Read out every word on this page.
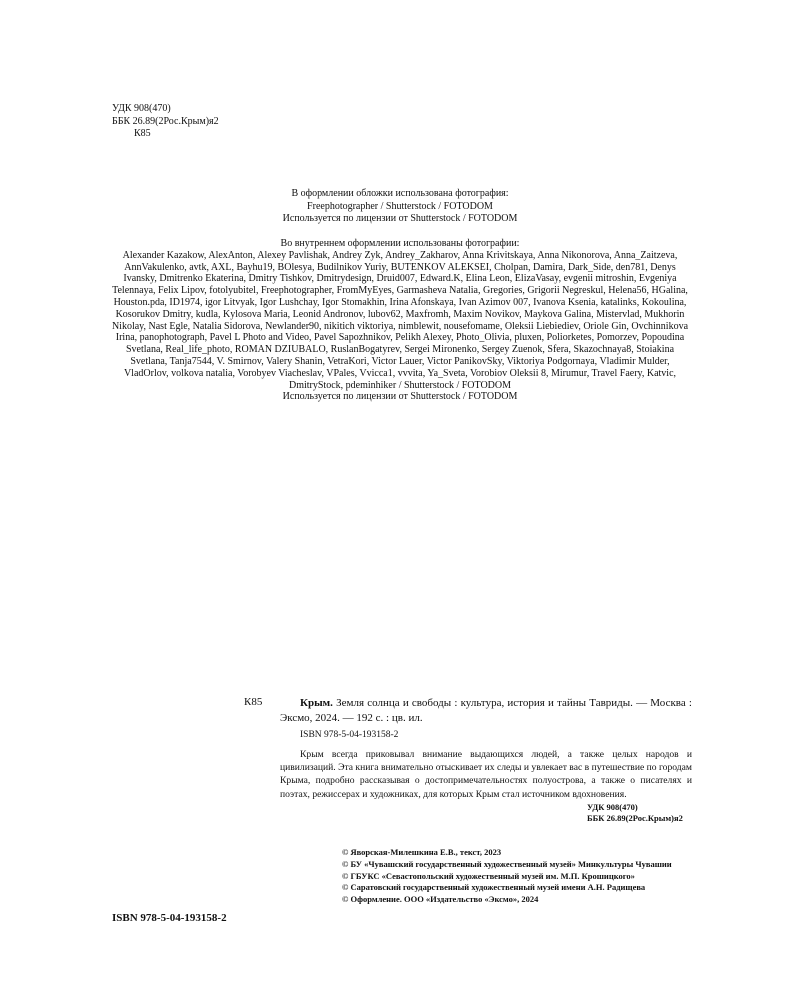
УДК 908(470)
ББК 26.89(2Рос.Крым)я2
К85
В оформлении обложки использована фотография:
Freephotographer / Shutterstock / FOTODOM
Используется по лицензии от Shutterstock / FOTODOM
Во внутреннем оформлении использованы фотографии:
Alexander Kazakow, AlexAnton, Alexey Pavlishak, Andrey Zyk, Andrey_Zakharov, Anna Krivitskaya, Anna Nikonorova, Anna_Zaitzeva, AnnVakulenko, avtk, AXL, Bayhu19, BOlesya, Budilnikov Yuriy, BUTENKOV ALEKSEI, Cholpan, Damira, Dark_Side, den781, Denys Ivansky, Dmitrenko Ekaterina, Dmitry Tishkov, Dmitrydesign, Druid007, Edward.K, Elina Leon, ElizaVasay, evgenii mitroshin, Evgeniya Telennaya, Felix Lipov, fotolyubitel, Freephotographer, FromMyEyes, Garmasheva Natalia, Gregories, Grigorii Negreskul, Helena56, HGalina, Houston.pda, ID1974, igor Litvyak, Igor Lushchay, Igor Stomakhin, Irina Afonskaya, Ivan Azimov 007, Ivanova Ksenia, katalinks, Kokoulina, Kosorukov Dmitry, kudla, Kylosova Maria, Leonid Andronov, lubov62, Maxfromh, Maxim Novikov, Maykova Galina, Mistervlad, Mukhorin Nikolay, Nast Egle, Natalia Sidorova, Newlander90, nikitich viktoriya, nimblewit, nousefomame, Oleksii Liebiediev, Oriole Gin, Ovchinnikova Irina, panophotograph, Pavel L Photo and Video, Pavel Sapozhnikov, Pelikh Alexey, Photo_Olivia, pluxen, Poliorketes, Pomorzev, Popoudina Svetlana, Real_life_photo, ROMAN DZIUBALO, RuslanBogatyrev, Sergei Mironenko, Sergey Zuenok, Sfera, Skazochnaya8, Stoiakina Svetlana, Tanja7544, V. Smirnov, Valery Shanin, VetraKori, Victor Lauer, Victor PanikovSky, Viktoriya Podgornaya, Vladimir Mulder, VladOrlov, volkova natalia, Vorobyev Viacheslav, VPales, Vvicca1, vvvita, Ya_Sveta, Vorobiov Oleksii 8, Mirumur, Travel Faery, Katvic, DmitryStock, pdeminhiker / Shutterstock / FOTODOM
Используется по лицензии от Shutterstock / FOTODOM
К85	Крым. Земля солнца и свободы : культура, история и тайны Тавриды. — Москва : Эксмо, 2024. — 192 с. : цв. ил.
ISBN 978-5-04-193158-2
Крым всегда приковывал внимание выдающихся людей, а также целых народов и цивилизаций. Эта книга внимательно отыскивает их следы и увлекает вас в путешествие по городам Крыма, подробно рассказывая о достопримечательностях полуострова, а также о писателях и поэтах, режиссерах и художниках, для которых Крым стал источником вдохновения.
УДК 908(470)
ББК 26.89(2Рос.Крым)я2
ISBN 978-5-04-193158-2
© Яворская-Милешкина Е.В., текст, 2023
© БУ «Чувашский государственный художественный музей» Минкультуры Чувашии
© ГБУКС «Севастопольский художественный музей им. М.П. Крошицкого»
© Саратовский государственный художественный музей имени А.Н. Радищева
© Оформление. ООО «Издательство «Эксмо», 2024
